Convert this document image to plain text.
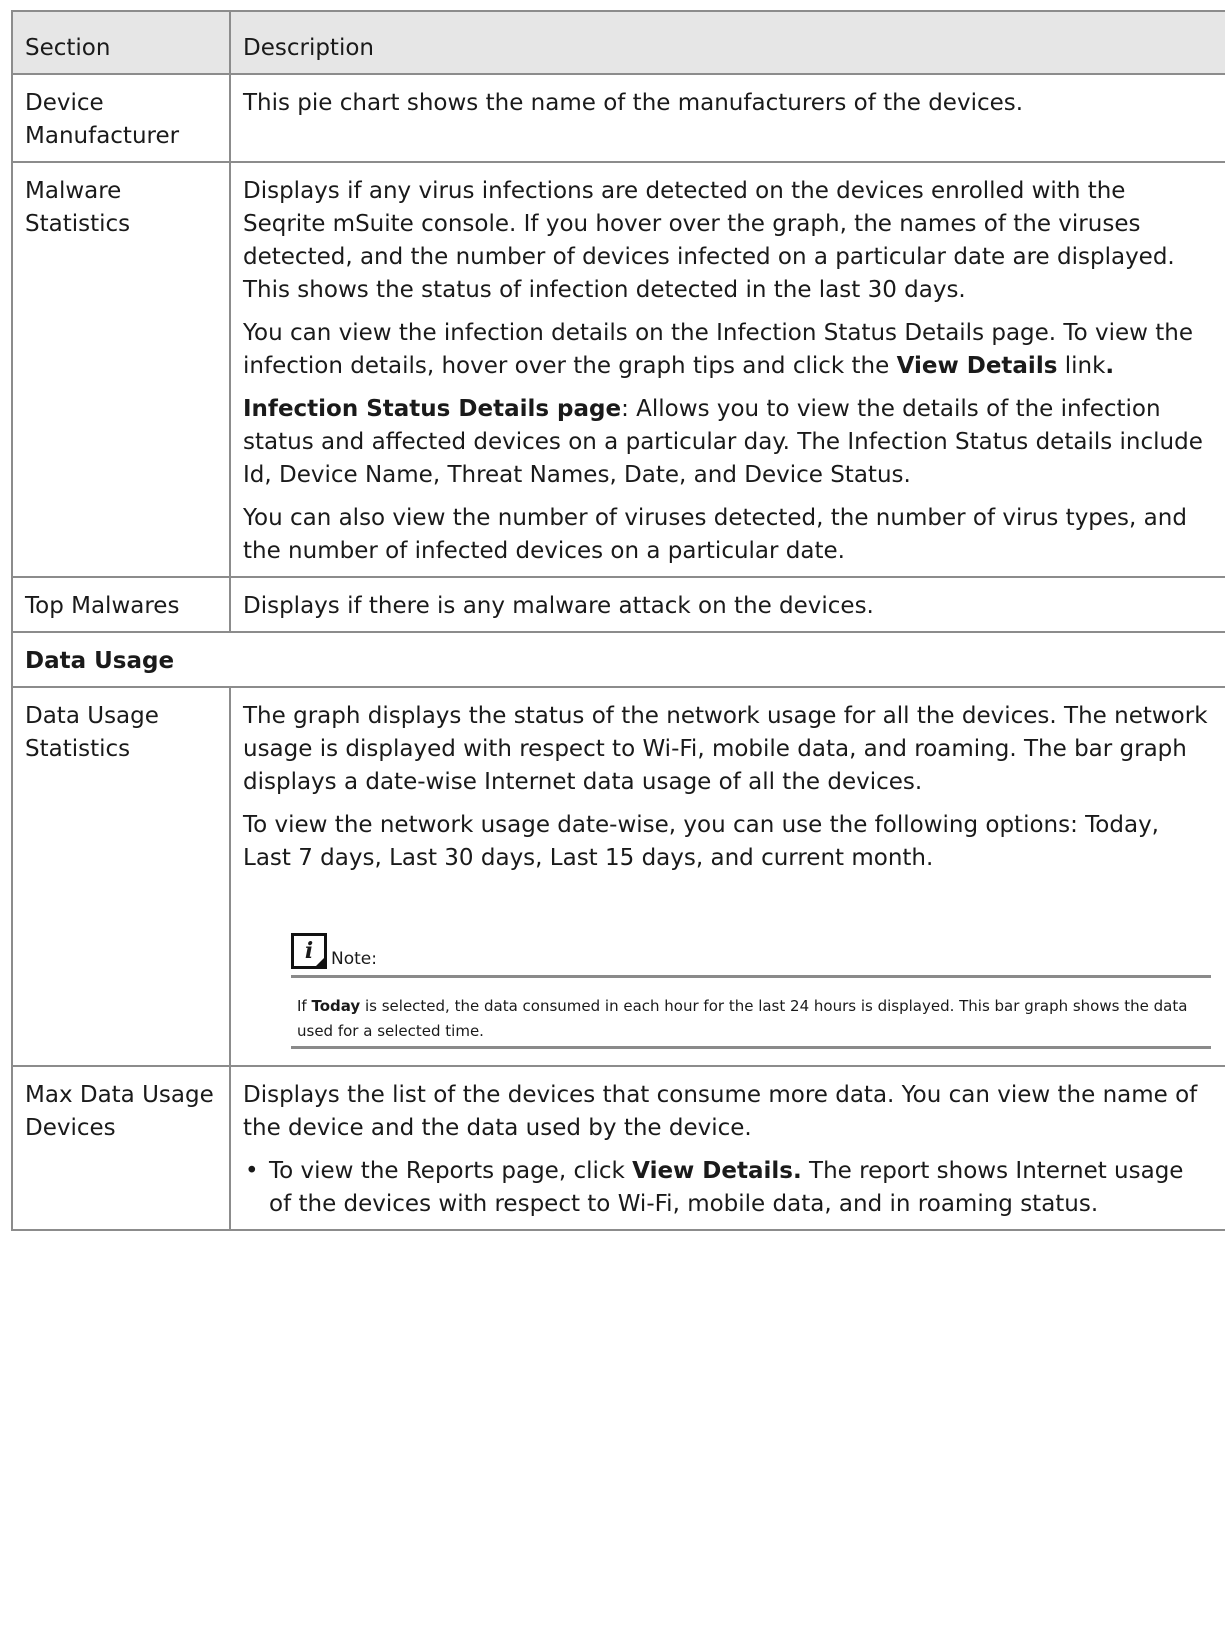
Section	Description
Device Manufacturer	This pie chart shows the name of the manufacturers of the devices.

Malware Statistics	Displays if any virus infections are detected on the devices enrolled with the Seqrite mSuite console. If you hover over the graph, the names of the viruses detected, and the number of devices infected on a particular date are displayed. This shows the status of infection detected in the last 30 days.

You can view the infection details on the Infection Status Details page. To view the infection details, hover over the graph tips and click the View Details link.

Infection Status Details page: Allows you to view the details of the infection status and affected devices on a particular day. The Infection Status details include Id, Device Name, Threat Names, Date, and Device Status.

You can also view the number of viruses detected, the number of virus types, and the number of infected devices on a particular date.

Top Malwares	Displays if there is any malware attack on the devices.

Data Usage	
Data Usage Statistics	The graph displays the status of the network usage for all the devices. The network usage is displayed with respect to Wi-Fi, mobile data, and roaming. The bar graph displays a date-wise Internet data usage of all the devices.

To view the network usage date-wise, you can use the following options: Today, Last 7 days, Last 30 days, Last 15 days, and current month.

i Note:
If Today is selected, the data consumed in each hour for the last 24 hours is displayed. This bar graph shows the data used for a selected time.

Max Data Usage Devices	Displays the list of the devices that consume more data. You can view the name of the device and the data used by the device.

• To view the Reports page, click View Details. The report shows Internet usage of the devices with respect to Wi-Fi, mobile data, and in roaming status.
